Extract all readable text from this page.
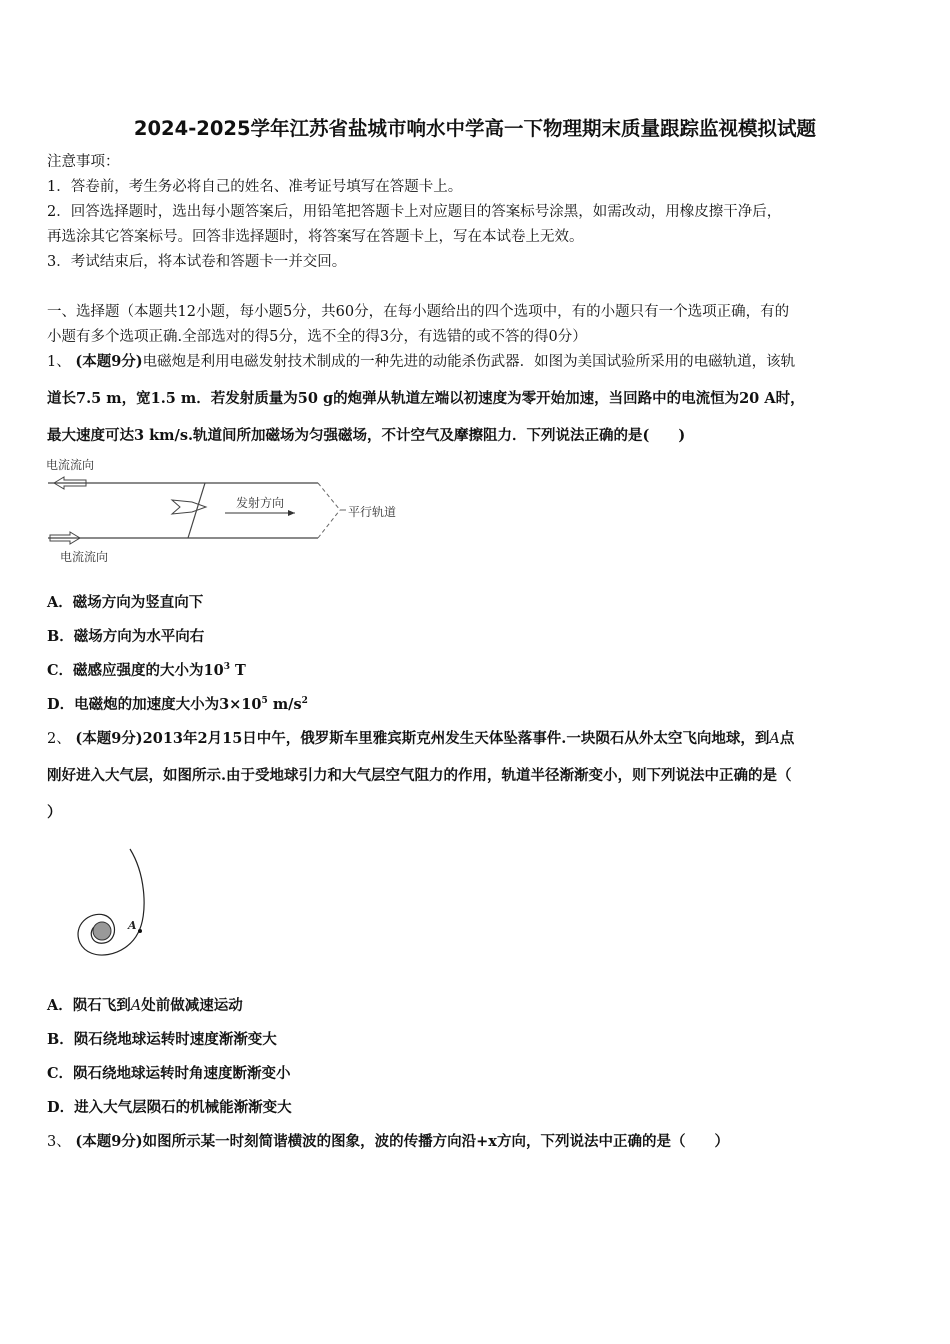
2024-2025学年江苏省盐城市响水中学高一下物理期末质量跟踪监视模拟试题
注意事项：
1．答卷前，考生务必将自己的姓名、准考证号填写在答题卡上。
2．回答选择题时，选出每小题答案后，用铅笔把答题卡上对应题目的答案标号涂黑，如需改动，用橡皮擦干净后，
再选涂其它答案标号。回答非选择题时，将答案写在答题卡上，写在本试卷上无效。
3．考试结束后，将本试卷和答题卡一并交回。
一、选择题（本题共12小题，每小题5分，共60分，在每小题给出的四个选项中，有的小题只有一个选项正确，有的
小题有多个选项正确.全部选对的得5分，选不全的得3分，有选错的或不答的得0分）
1、 (本题9分)电磁炮是利用电磁发射技术制成的一种先进的动能杀伤武器．如图为美国试验所采用的电磁轨道，该轨
道长7.5 m，宽1.5 m．若发射质量为50 g的炮弹从轨道左端以初速度为零开始加速，当回路中的电流恒为20 A时，
最大速度可达3 km/s.轨道间所加磁场为匀强磁场，不计空气及摩擦阻力．下列说法正确的是(　　)
电流流向
电流流向
发射方向
平行轨道
A．磁场方向为竖直向下
B．磁场方向为水平向右
C．磁感应强度的大小为$10^3$ T
D．电磁炮的加速度大小为$3\times 10^5$ $m/s^2$
2、 (本题9分)2013年2月15日中午，俄罗斯车里雅宾斯克州发生天体坠落事件.一块陨石从外太空飞向地球，到A点
刚好进入大气层，如图所示.由于受地球引力和大气层空气阻力的作用，轨道半径渐渐变小，则下列说法中正确的是（
）
A
A．陨石飞到A处前做减速运动
B．陨石绕地球运转时速度渐渐变大
C．陨石绕地球运转时角速度断渐变小
D．进入大气层陨石的机械能渐渐变大
3、 (本题9分)如图所示某一时刻简谐横波的图象，波的传播方向沿+x方向，下列说法中正确的是（　　）
